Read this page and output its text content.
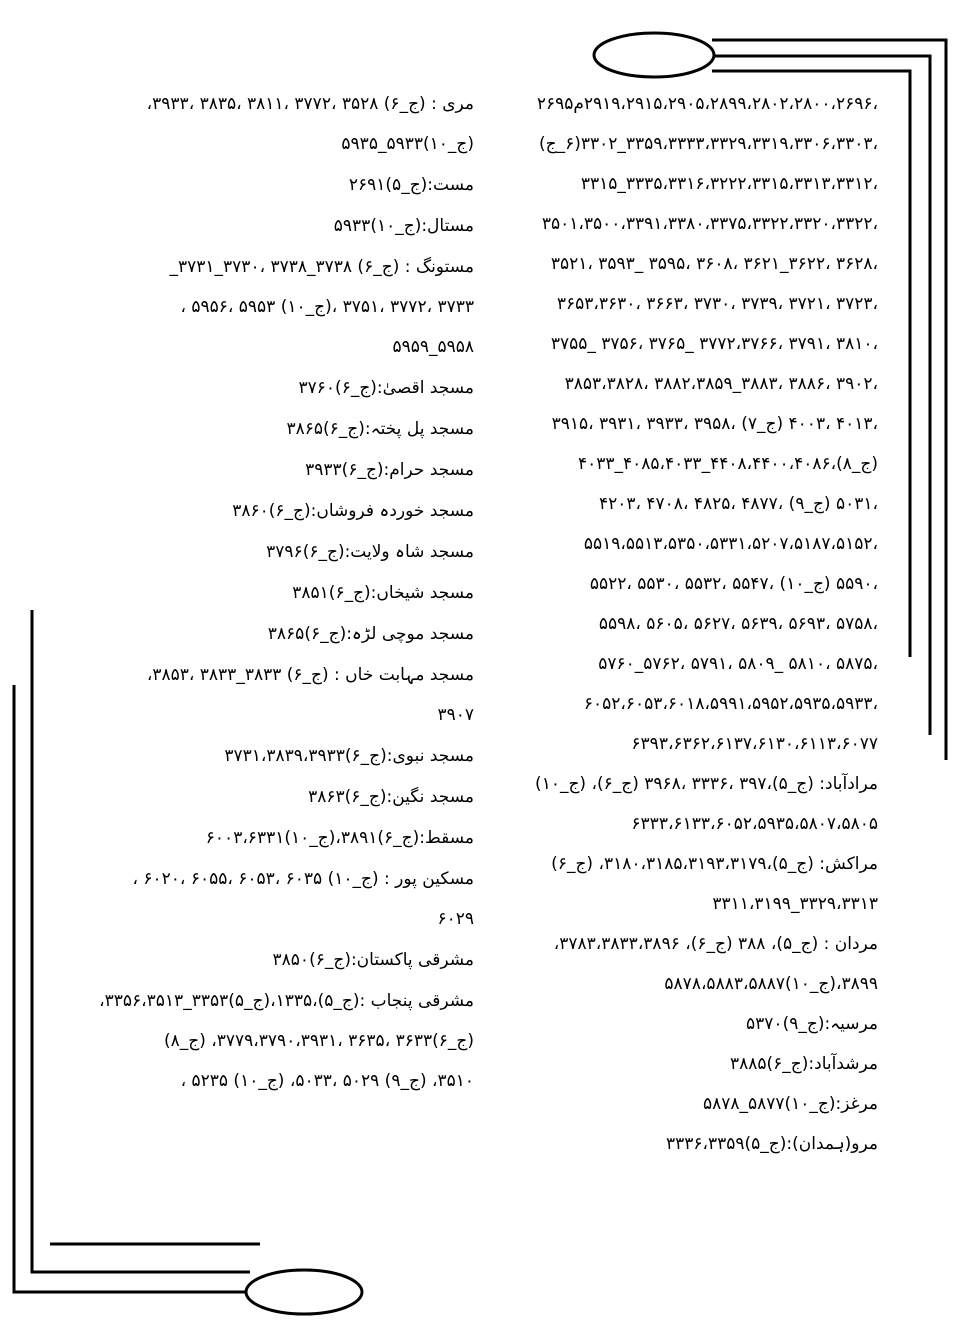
،۲۹۱۹،۲۹۱۵،۲۹۰۵،۲۸۹۹،۲۸۰۲،۲۸۰۰،۲۶۹۶م۲۶۹۵
،۳۳۵۹،۳۳۳۳،۳۳۲۹،۳۳۱۹،۳۳۰۶،۳۳۰۳_۳۳۰۲(۶_ج)
،۳۳۳۵،۳۳۱۶،۳۲۲۲،۳۳۱۵،۳۳۱۳،۳۳۱۲_۳۳۱۵
،۳۵۰۱،۳۵۰۰،۳۳۹۱،۳۳۸۰،۳۳۷۵،۳۳۲۲،۳۳۲۰،۳۳۲۲
،۳۶۲۸ ،۳۶۲۲_۳۶۲۱ ،۳۶۰۸ ،۳۵۹۵ _۳۵۹۳ ،۳۵۲۱
،۳۷۲۳ ،۳۷۲۱ ،۳۷۳۹ ،۳۷۳۰ ،۳۶۶۳ ،۳۶۵۳،۳۶۳۰
،۳۸۱۰ ،۳۷۹۱ ،۳۷۷۲،۳۷۶۶ _۳۷۶۵ ،۳۷۵۶ _۳۷۵۵
،۳۹۰۲ ،۳۸۸۶ ،۳۸۸۳_۳۸۸۲،۳۸۵۹ ،۳۸۵۳،۳۸۲۸
،۴۰۱۳ ،۴۰۰۳ (ج_۷) ،۳۹۵۸ ،۳۹۳۳ ،۳۹۳۱ ،۳۹۱۵
(ج_۸)،۴۴۰۸،۴۴۰۰،۴۰۸۶_۴۰۸۵،۴۰۳۳_۴۰۳۳
،۵۰۳۱ (ج_۹) ،۴۸۷۷ ،۴۸۲۵ ،۴۷۰۸ ،۴۲۰۳
،۵۵۱۹،۵۵۱۳،۵۳۵۰،۵۳۳۱،۵۲۰۷،۵۱۸۷،۵۱۵۲
،۵۵۹۰ (ج_۱۰) ،۵۵۴۷ ،۵۵۳۲ ،۵۵۳۰ ،۵۵۲۲
،۵۷۵۸ ،۵۶۹۳ ،۵۶۳۹ ،۵۶۲۷ ،۵۶۰۵ ،۵۵۹۸
،۵۸۷۵ ،۵۸۱۰ _۵۸۰۹ ،۵۷۹۱ ،۵۷۶۲_۵۷۶۰
،۶۰۵۲،۶۰۵۳،۶۰۱۸،۵۹۹۱،۵۹۵۲،۵۹۳۵،۵۹۳۳
۶۳۹۳،۶۳۶۲،۶۱۳۷،۶۱۳۰،۶۱۱۳،۶۰۷۷
مرادآباد: (ج_۵)،۳۹۷ ،۳۳۳۶ ،۳۹۶۸ (ج_۶)، (ج_۱۰)
۶۳۳۳،۶۱۳۳،۶۰۵۲،۵۹۳۵،۵۸۰۷،۵۸۰۵
مراکش: (ج_۵)،۳۱۸۰،۳۱۸۵،۳۱۹۳،۳۱۷۹، (ج_۶)
۳۳۲۹،۳۳۱۳_۳۳۱۱،۳۱۹۹
مردان : (ج_۵)، ۳۸۸ (ج_۶)، ۳۷۸۳،۳۸۳۳،۳۸۹۶،
۳۸۹۹،(ج_۱۰)۵۸۷۸،۵۸۸۳،۵۸۸۷
مرسیہ:(ج_۹)۵۳۷۰
مرشدآباد:(ج_۶)۳۸۸۵
مرغز:(ج_۱۰)۵۸۷۷_۵۸۷۸
مرو(ہمدان):(ج_۵)۳۳۳۶،۳۳۵۹
مری : (ج_۶) ۳۵۲۸ ،۳۷۷۲ ،۳۸۱۱ ،۳۸۳۵ ،۳۹۳۳،
(ج_۱۰)۵۹۳۳_۵۹۳۵
مست:(ج_۵)۲۶۹۱
مستال:(ج_۱۰)۵۹۳۳
مستونگ : (ج_۶) ۳۷۳۸_۳۷۳۸ ،۳۷۳۰_۳۷۳۱_
۳۷۳۳ ،۳۷۷۲ ،۳۷۵۱ ،(ج_۱۰) ۵۹۵۳ ،۵۹۵۶ ،
۵۹۵۸_۵۹۵۹
مسجد اقصیٰ:(ج_۶)۳۷۶۰
مسجد پل پختہ:(ج_۶)۳۸۶۵
مسجد حرام:(ج_۶)۳۹۳۳
مسجد خوردہ فروشاں:(ج_۶)۳۸۶۰
مسجد شاہ ولایت:(ج_۶)۳۷۹۶
مسجد شیخاں:(ج_۶)۳۸۵۱
مسجد موچی لڑہ:(ج_۶)۳۸۶۵
مسجد مہابت خاں : (ج_۶) ۳۸۳۳_۳۸۳۳ ،۳۸۵۳،
۳۹۰۷
مسجد نبوی:(ج_۶)۳۷۳۱،۳۸۳۹،۳۹۳۳
مسجد نگین:(ج_۶)۳۸۶۳
مسقط:(ج_۶)۳۸۹۱،(ج_۱۰)۶۰۰۳،۶۳۳۱
مسکین پور : (ج_۱۰) ۶۰۳۵ ،۶۰۵۳ ،۶۰۵۵ ،۶۰۲۰ ،
۶۰۲۹
مشرقی پاکستان:(ج_۶)۳۸۵۰
مشرقی پنجاب :(ج_۵)،۱۳۳۵،(ج_۵)۳۳۵۳_۳۳۵۶،۳۵۱۳،
(ج_۶)۳۶۳۳ ،۳۶۳۵ ،۳۷۷۹،۳۷۹۰،۳۹۳۱، (ج_۸)
۳۵۱۰، (ج_۹) ۵۰۲۹ ،۵۰۳۳، (ج_۱۰) ۵۲۳۵ ،
